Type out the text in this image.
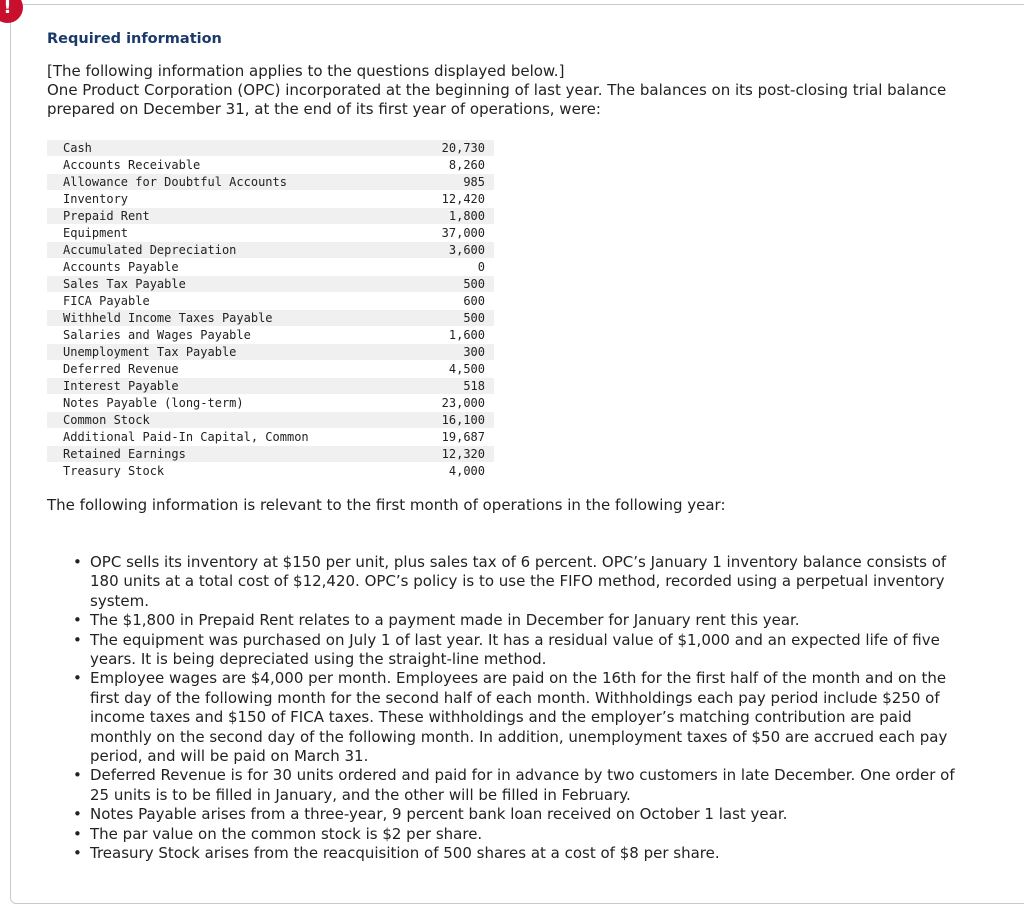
!
Required information

[The following information applies to the questions displayed below.]

One Product Corporation (OPC) incorporated at the beginning of last year. The balances on its post-closing trial balance prepared on December 31, at the end of its first year of operations, were:

Cash	20,730
Accounts Receivable	8,260
Allowance for Doubtful Accounts	985
Inventory	12,420
Prepaid Rent	1,800
Equipment	37,000
Accumulated Depreciation	3,600
Accounts Payable	0
Sales Tax Payable	500
FICA Payable	600
Withheld Income Taxes Payable	500
Salaries and Wages Payable	1,600
Unemployment Tax Payable	300
Deferred Revenue	4,500
Interest Payable	518
Notes Payable (long-term)	23,000
Common Stock	16,100
Additional Paid-In Capital, Common	19,687
Retained Earnings	12,320
Treasury Stock	4,000

The following information is relevant to the first month of operations in the following year:

• OPC sells its inventory at $150 per unit, plus sales tax of 6 percent. OPC’s January 1 inventory balance consists of 180 units at a total cost of $12,420. OPC’s policy is to use the FIFO method, recorded using a perpetual inventory system.
• The $1,800 in Prepaid Rent relates to a payment made in December for January rent this year.
• The equipment was purchased on July 1 of last year. It has a residual value of $1,000 and an expected life of five years. It is being depreciated using the straight-line method.
• Employee wages are $4,000 per month. Employees are paid on the 16th for the first half of the month and on the first day of the following month for the second half of each month. Withholdings each pay period include $250 of income taxes and $150 of FICA taxes. These withholdings and the employer’s matching contribution are paid monthly on the second day of the following month. In addition, unemployment taxes of $50 are accrued each pay period, and will be paid on March 31.
• Deferred Revenue is for 30 units ordered and paid for in advance by two customers in late December. One order of 25 units is to be filled in January, and the other will be filled in February.
• Notes Payable arises from a three-year, 9 percent bank loan received on October 1 last year.
• The par value on the common stock is $2 per share.
• Treasury Stock arises from the reacquisition of 500 shares at a cost of $8 per share.
